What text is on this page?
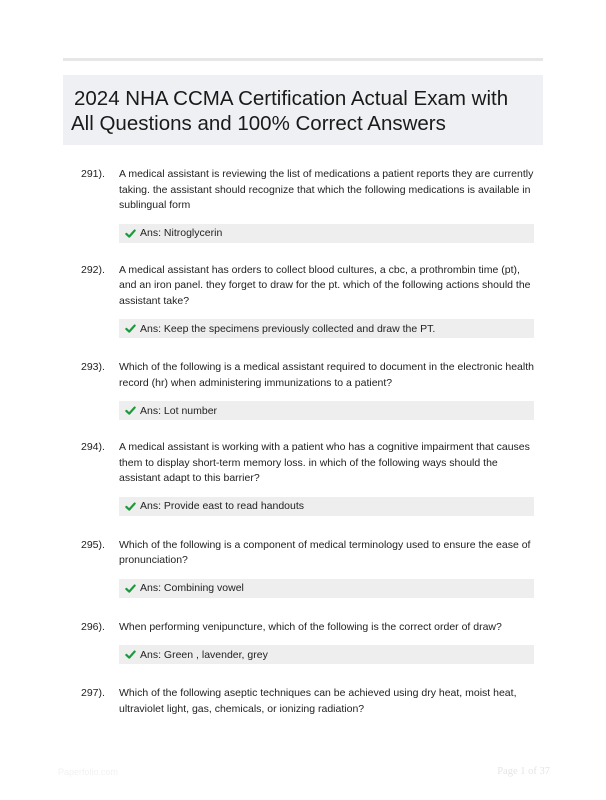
2024 NHA CCMA Certification Actual Exam with
All Questions and 100% Correct Answers
291). A medical assistant is reviewing the list of medications a patient reports they are currently taking. the assistant should recognize that which the following medications is available in sublingual form
Ans: Nitroglycerin
292). A medical assistant has orders to collect blood cultures, a cbc, a prothrombin time (pt), and an iron panel. they forget to draw for the pt. which of the following actions should the assistant take?
Ans: Keep the specimens previously collected and draw the PT.
293). Which of the following is a medical assistant required to document in the electronic health record (hr) when administering immunizations to a patient?
Ans: Lot number
294). A medical assistant is working with a patient who has a cognitive impairment that causes them to display short-term memory loss. in which of the following ways should the assistant adapt to this barrier?
Ans: Provide east to read handouts
295). Which of the following is a component of medical terminology used to ensure the ease of pronunciation?
Ans: Combining vowel
296). When performing venipuncture, which of the following is the correct order of draw?
Ans: Green , lavender, grey
297). Which of the following aseptic techniques can be achieved using dry heat, moist heat, ultraviolet light, gas, chemicals, or ionizing radiation?
Paperfolio.com	Page 1 of 37
